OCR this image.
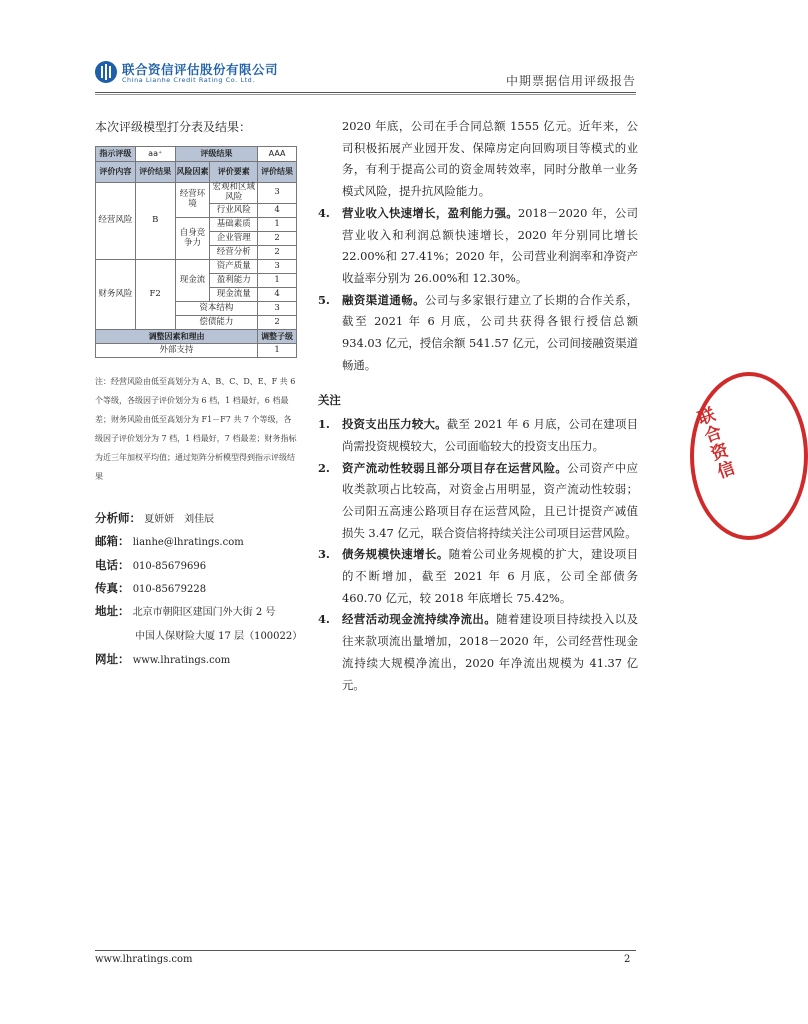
联合资信评估股份有限公司
China Lianhe Credit Rating Co. Ltd.	中期票据信用评级报告
本次评级模型打分表及结果：
指示评级	aa⁺	评级结果		AAA
评价内容	评价结果	风险因素	评价要素	评价结果
经营风险	B	经营环境	宏观和区域风险	3
			行业风险	4
		自身竞争力	基础素质	1
			企业管理	2
			经营分析	2
财务风险	F2	现金流	资产质量	3
			盈利能力	1
			现金流量	4
		资本结构		3
		偿债能力		2
调整因素和理由				调整子级
外部支持				1
注：经营风险由低至高划分为 A、B、C、D、E、F 共 6 个等级，各级因子评价划分为 6 档，1 档最好，6 档最差；财务风险由低至高划分为 F1－F7 共 7 个等级，各级因子评价划分为 7 档，1 档最好，7 档最差；财务指标为近三年加权平均值；通过矩阵分析模型得到指示评级结果
分析师： 夏妍妍　刘佳辰
邮箱： lianhe@lhratings.com
电话： 010-85679696
传真： 010-85679228
地址： 北京市朝阳区建国门外大街 2 号
中国人保财险大厦 17 层（100022）
网址： www.lhratings.com
2020 年底，公司在手合同总额 1555 亿元。近年来，公司积极拓展产业园开发、保障房定向回购项目等模式的业务，有利于提高公司的资金周转效率，同时分散单一业务模式风险，提升抗风险能力。
4. 营业收入快速增长，盈利能力强。2018－2020 年，公司营业收入和利润总额快速增长，2020 年分别同比增长 22.00%和 27.41%；2020 年，公司营业利润率和净资产收益率分别为 26.00%和 12.30%。
5. 融资渠道通畅。公司与多家银行建立了长期的合作关系，截至 2021 年 6 月底，公司共获得各银行授信总额 934.03 亿元，授信余额 541.57 亿元，公司间接融资渠道畅通。
关注
1. 投资支出压力较大。截至 2021 年 6 月底，公司在建项目尚需投资规模较大，公司面临较大的投资支出压力。
2. 资产流动性较弱且部分项目存在运营风险。公司资产中应收类款项占比较高，对资金占用明显，资产流动性较弱；公司阳五高速公路项目存在运营风险，且已计提资产减值损失 3.47 亿元，联合资信将持续关注公司项目运营风险。
3. 债务规模快速增长。随着公司业务规模的扩大，建设项目的不断增加，截至 2021 年 6 月底，公司全部债务 460.70 亿元，较 2018 年底增长 75.42%。
4. 经营活动现金流持续净流出。随着建设项目持续投入以及往来款项流出量增加，2018－2020 年，公司经营性现金流持续大规模净流出，2020 年净流出规模为 41.37 亿元。
联合资信
www.lhratings.com	2
